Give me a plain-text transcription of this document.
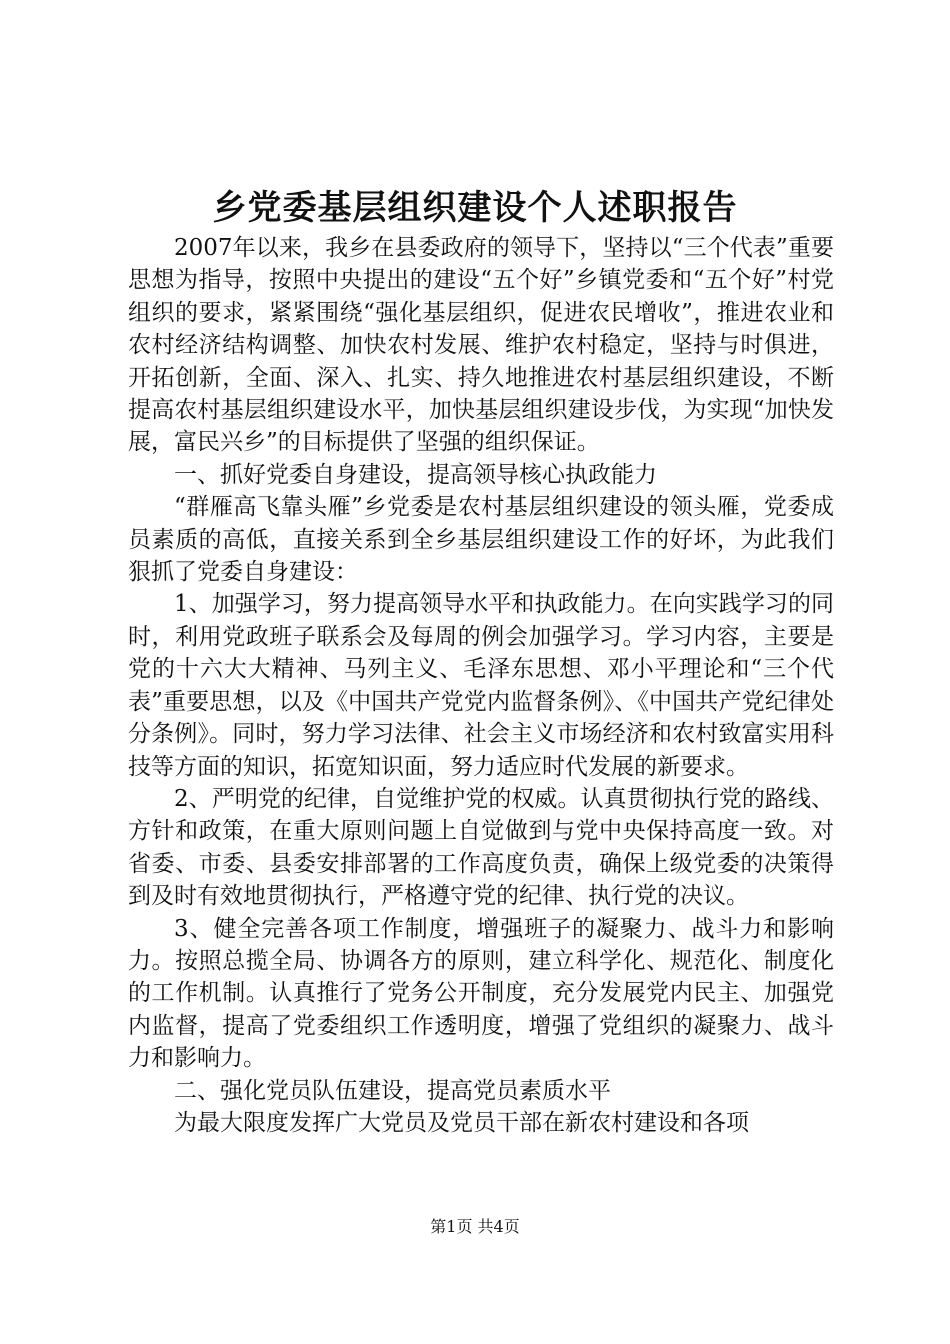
乡党委基层组织建设个人述职报告

2007年以来，我乡在县委政府的领导下，坚持以“三个代表”重要思想为指导，按照中央提出的建设“五个好”乡镇党委和“五个好”村党组织的要求，紧紧围绕“强化基层组织，促进农民增收”，推进农业和农村经济结构调整、加快农村发展、维护农村稳定，坚持与时俱进，开拓创新，全面、深入、扎实、持久地推进农村基层组织建设，不断提高农村基层组织建设水平，加快基层组织建设步伐，为实现“加快发展，富民兴乡”的目标提供了坚强的组织保证。

一、抓好党委自身建设，提高领导核心执政能力

“群雁高飞靠头雁”乡党委是农村基层组织建设的领头雁，党委成员素质的高低，直接关系到全乡基层组织建设工作的好坏，为此我们狠抓了党委自身建设：

1、加强学习，努力提高领导水平和执政能力。在向实践学习的同时，利用党政班子联系会及每周的例会加强学习。学习内容，主要是党的十六大大精神、马列主义、毛泽东思想、邓小平理论和“三个代表”重要思想，以及《中国共产党党内监督条例》、《中国共产党纪律处分条例》。同时，努力学习法律、社会主义市场经济和农村致富实用科技等方面的知识，拓宽知识面，努力适应时代发展的新要求。

2、严明党的纪律，自觉维护党的权威。认真贯彻执行党的路线、方针和政策，在重大原则问题上自觉做到与党中央保持高度一致。对省委、市委、县委安排部署的工作高度负责，确保上级党委的决策得到及时有效地贯彻执行，严格遵守党的纪律、执行党的决议。

3、健全完善各项工作制度，增强班子的凝聚力、战斗力和影响力。按照总揽全局、协调各方的原则，建立科学化、规范化、制度化的工作机制。认真推行了党务公开制度，充分发展党内民主、加强党内监督，提高了党委组织工作透明度，增强了党组织的凝聚力、战斗力和影响力。

二、强化党员队伍建设，提高党员素质水平

为最大限度发挥广大党员及党员干部在新农村建设和各项

第1页 共4页
